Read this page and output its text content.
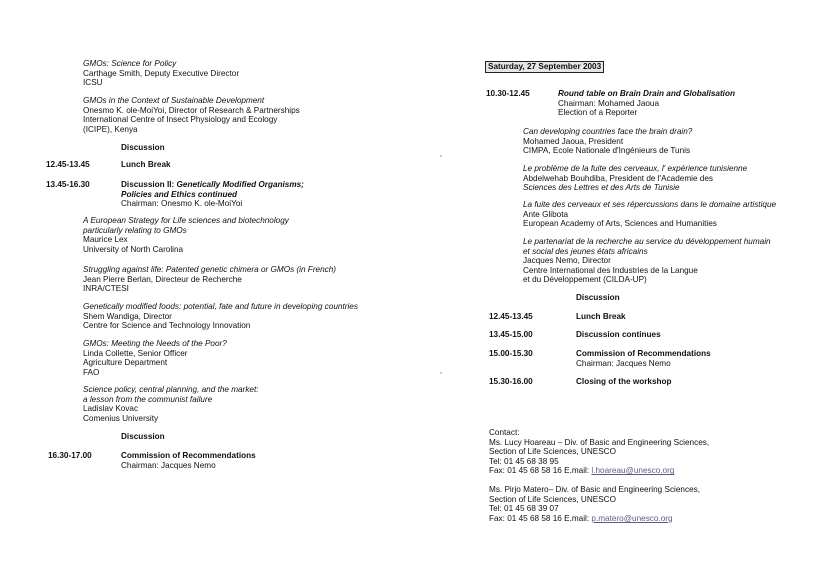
GMOs: Science for Policy
Carthage Smith, Deputy Executive Director
ICSU
GMOs in the Context of Sustainable Development
Onesmo K. ole-MoiYoi, Director of Research & Partnerships
International Centre of Insect Physiology and Ecology
(ICIPE), Kenya
Discussion
12.45-13.45	Lunch Break
13.45-16.30	Discussion II: Genetically Modified Organisms;
Policies and Ethics continued
Chairman: Onesmo K. ole-MoiYoi
A European Strategy for Life sciences and biotechnology
particularly relating to GMOs
Maurice Lex
University of North Carolina
Struggling against life: Patented genetic chimera or GMOs (in French)
Jean Pierre Berlan, Directeur de Recherche
INRA/CTESI
Genetically modified foods: potential, fate and future in developing countries
Shem Wandiga, Director
Centre for Science and Technology Innovation
GMOs: Meeting the Needs of the Poor?
Linda Collette, Senior Officer
Agriculture Department
FAO
Science policy, central planning, and the market:
a lesson from the communist failure
Ladislav Kovac
Comenius University
Discussion
16.30-17.00	Commission of Recommendations
Chairman: Jacques Nemo
Saturday, 27 September 2003
10.30-12.45	Round table on Brain Drain and Globalisation
Chairman: Mohamed Jaoua
Election of a Reporter
Can developing countries face the brain drain?
Mohamed Jaoua, President
CIMPA, Ecole Nationale d'Ingénieurs de Tunis
Le problème de la fuite des cerveaux, l' expérience tunisienne
Abdelwehab Bouhdiba, President de l'Academie des
Sciences des Lettres et des Arts de Tunisie
La fuite des cerveaux et ses répercussions dans le domaine artistique
Ante Glibota
European Academy of Arts, Sciences and Humanities
Le partenariat de la recherche au service du développement humain
et social des jeunes états africains
Jacques Nemo, Director
Centre International des Industries de la Langue
et du Développement (CILDA-UP)
Discussion
12.45-13.45	Lunch Break
13.45-15.00	Discussion continues
15.00-15.30	Commission of Recommendations
Chairman: Jacques Nemo
15.30-16.00	Closing of the workshop
Contact:
Ms. Lucy Hoareau – Div. of Basic and Engineering Sciences,
Section of Life Sciences, UNESCO
Tel: 01 45 68 38 95
Fax: 01 45 68 58 16 E.mail: l.hoareau@unesco.org
Ms. Pirjo Matero– Div. of Basic and Engineering Sciences,
Section of Life Sciences, UNESCO
Tel: 01 45 68 39 07
Fax: 01 45 68 58 16 E.mail: p.matero@unesco.org
